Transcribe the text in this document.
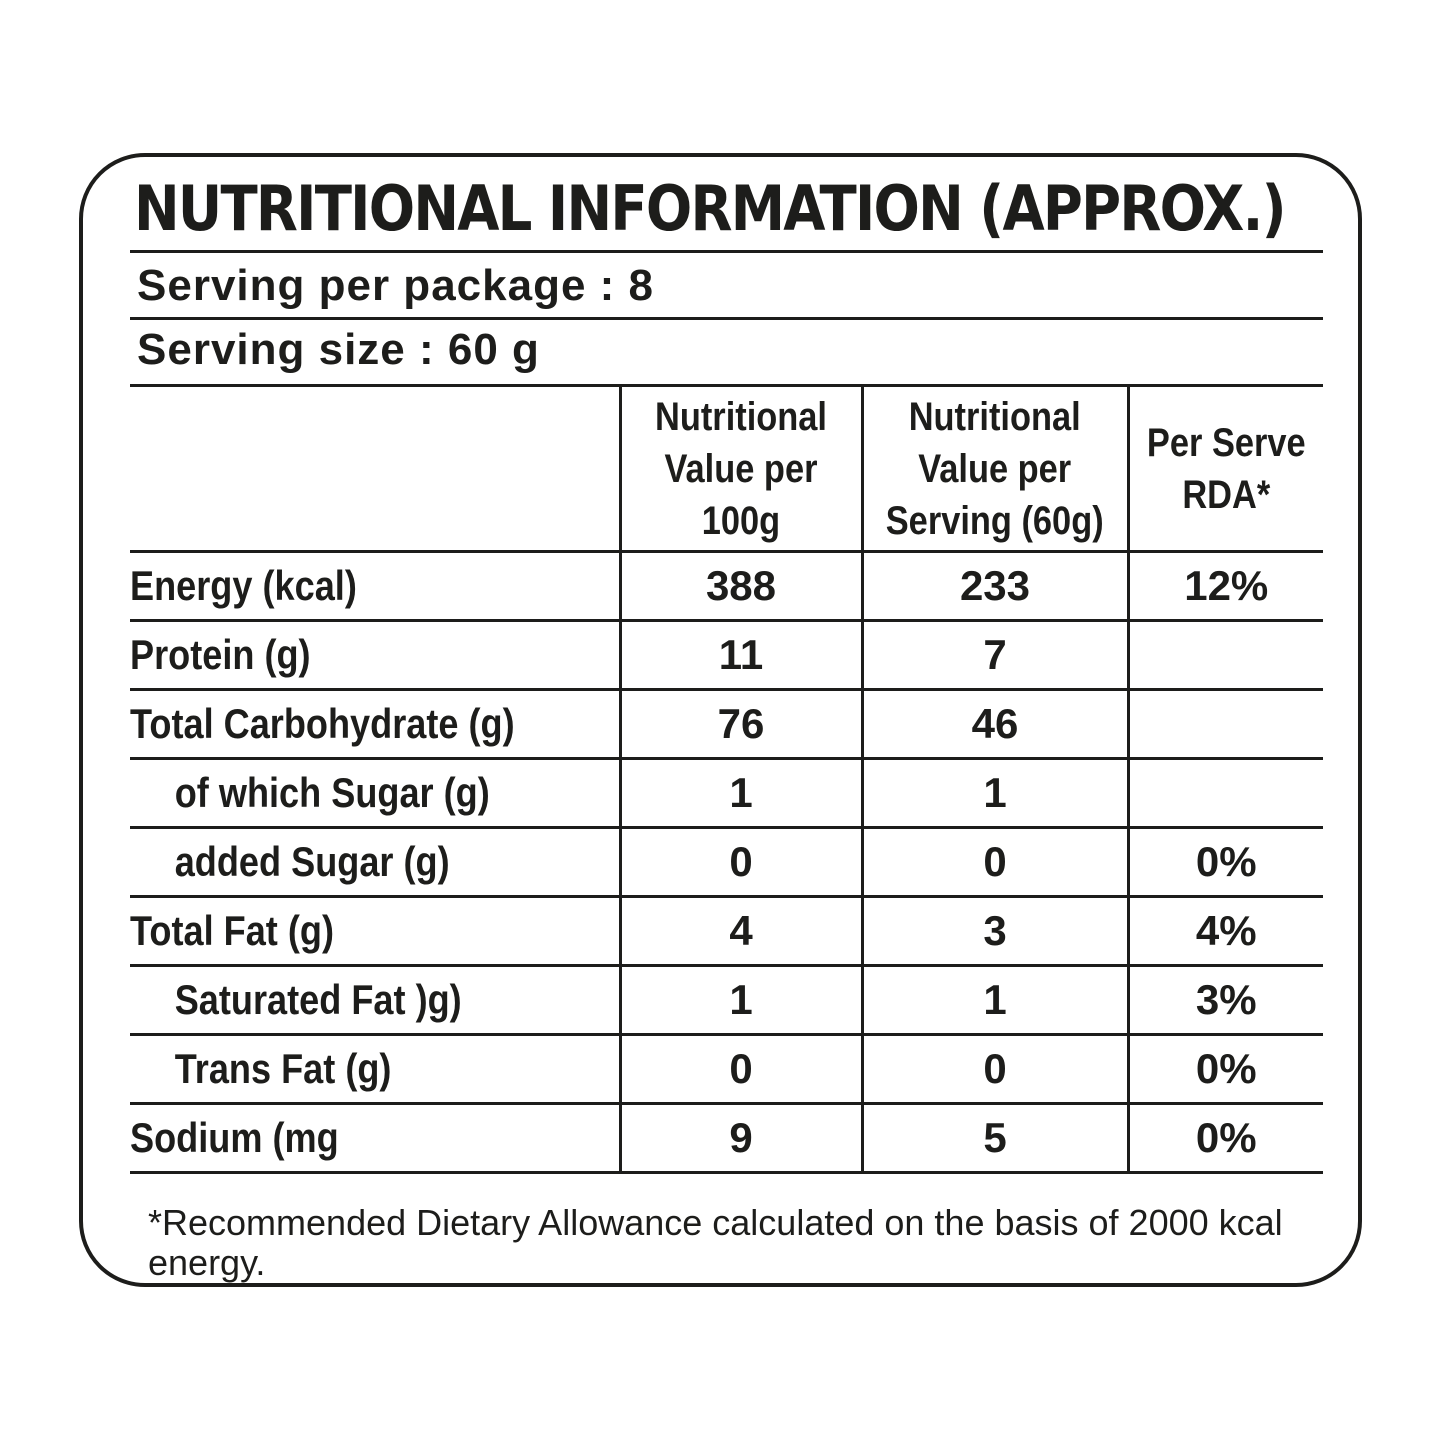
NUTRITIONAL INFORMATION (APPROX.)
Serving per package : 8
Serving size : 60 g
	Nutritional
Value per
100g	Nutritional
Value per
Serving (60g)	Per Serve
RDA*
Energy (kcal)	388	233	12%
Protein (g)	11	7	
Total Carbohydrate (g)	76	46	
of which Sugar (g)	1	1	
added Sugar (g)	0	0	0%
Total Fat (g)	4	3	4%
Saturated Fat )g)	1	1	3%
Trans Fat (g)	0	0	0%
Sodium (mg	9	5	0%
*Recommended Dietary Allowance calculated on the basis of 2000 kcal energy.
